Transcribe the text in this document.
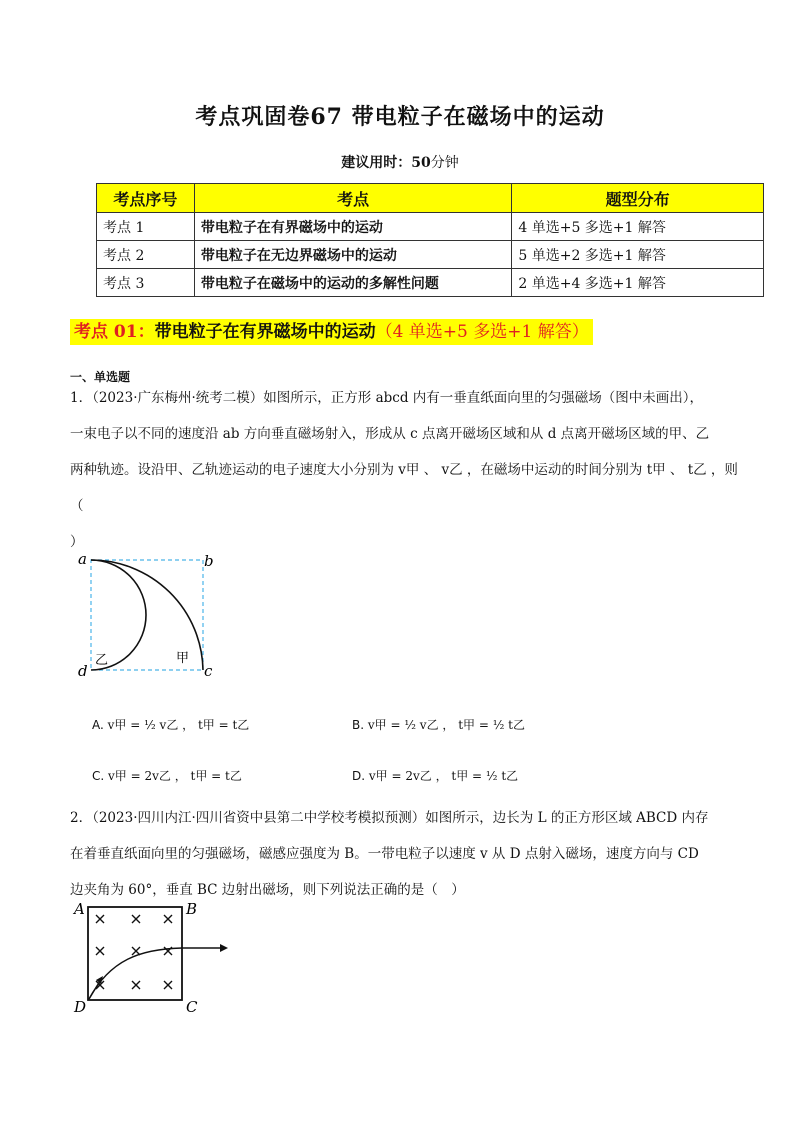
考点巩固卷67 带电粒子在磁场中的运动
建议用时：50分钟
考点序号	考点	题型分布
考点 1	带电粒子在有界磁场中的运动	4 单选+5 多选+1 解答
考点 2	带电粒子在无边界磁场中的运动	5 单选+2 多选+1 解答
考点 3	带电粒子在磁场中的运动的多解性问题	2 单选+4 多选+1 解答
考点 01：带电粒子在有界磁场中的运动（4 单选+5 多选+1 解答）
一、单选题

1．（2023·广东梅州·统考二模）如图所示，正方形 abcd 内有一垂直纸面向里的匀强磁场（图中未画出），

一束电子以不同的速度沿 ab 方向垂直磁场射入，形成从 c 点离开磁场区域和从 d 点离开磁场区域的甲、乙

两种轨迹。设沿甲、乙轨迹运动的电子速度大小分别为 v甲 、 v乙 ，在磁场中运动的时间分别为 t甲 、 t乙 ，则（

）

a	b
c
d
乙	甲
A. v甲 = ½ v乙 ， t甲 = t乙	B. v甲 = ½ v乙 ， t甲 = ½ t乙
C. v甲 = 2v乙 ， t甲 = t乙	D. v甲 = 2v乙 ， t甲 = ½ t乙

2．（2023·四川内江·四川省资中县第二中学校考模拟预测）如图所示，边长为 L 的正方形区域 ABCD 内存

在着垂直纸面向里的匀强磁场，磁感应强度为 B。一带电粒子以速度 v 从 D 点射入磁场，速度方向与 CD

边夹角为 60°，垂直 BC 边射出磁场，则下列说法正确的是（　）

A	B
C
D
